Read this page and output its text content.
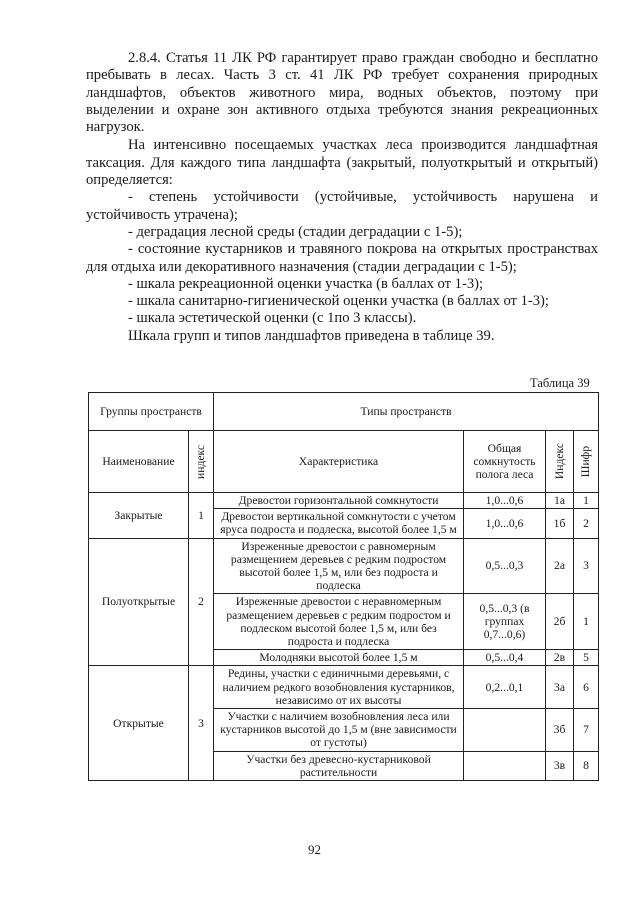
2.8.4. Статья 11 ЛК РФ гарантирует право граждан свободно и бесплатно пребывать в лесах. Часть 3 ст. 41 ЛК РФ требует сохранения природных ландшафтов, объектов животного мира, водных объектов, поэтому при выделении и охране зон активного отдыха требуются знания рекреационных нагрузок.

На интенсивно посещаемых участках леса производится ландшафтная таксация. Для каждого типа ландшафта (закрытый, полуоткрытый и открытый) определяется:

- степень устойчивости (устойчивые, устойчивость нарушена и устойчивость утрачена);

- деградация лесной среды (стадии деградации с 1-5);

- состояние кустарников и травяного покрова на открытых пространствах для отдыха или декоративного назначения (стадии деградации с 1-5);

- шкала рекреационной оценки участка (в баллах от 1-3);

- шкала санитарно-гигиенической оценки участка (в баллах от 1-3);

- шкала эстетической оценки (с 1по 3 классы).

Шкала групп и типов ландшафтов приведена в таблице 39.

Таблица 39
Группы пространств		Типы пространств			
Наименование	индекс	Характеристика	Общая сомкнутость полога леса	Индекс	Шифр

Закрытые	1	Древостои горизонтальной сомкнутости	1,0...0,6	1а	1
		Древостои вертикальной сомкнутости с учетом яруса подроста и подлеска, высотой более 1,5 м	1,0...0,6	1б	2
Полуоткрытые	2	Изреженные древостои с равномерным размещением деревьев с редким подростом высотой более 1,5 м, или без подроста и подлеска	0,5...0,3	2а	3
		Изреженные древостои с неравномерным размещением деревьев с редким подростом и подлеском высотой более 1,5 м, или без подроста и подлеска	0,5...0,3 (в группах 0,7...0,6)	2б	1
		Молодняки высотой более 1,5 м	0,5...0,4	2в	5
Открытые	3	Редины, участки с единичными деревьями, с наличием редкого возобновления кустарников, независимо от их высоты	0,2...0,1	3а	6
		Участки с наличием возобновления леса или кустарников высотой до 1,5 м (вне зависимости от густоты)		3б	7
		Участки без древесно-кустарниковой растительности		3в	8
92
